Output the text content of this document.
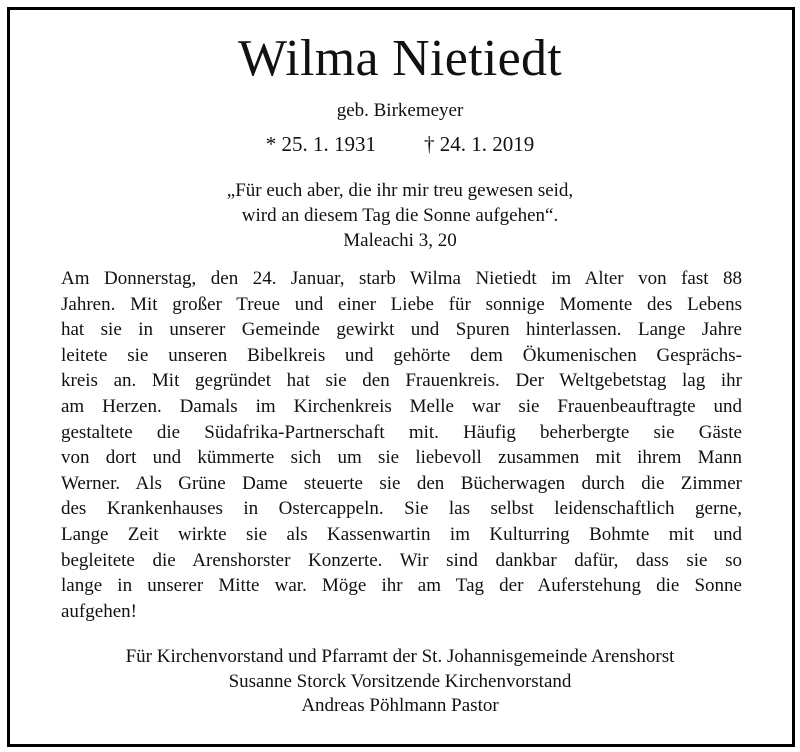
Wilma Nietiedt
geb. Birkemeyer
* 25. 1. 1931 † 24. 1. 2019
„Für euch aber, die ihr mir treu gewesen seid,
wird an diesem Tag die Sonne aufgehen“.
Maleachi 3, 20
Am Donnerstag, den 24. Januar, starb Wilma Nietiedt im Alter von fast 88
Jahren. Mit großer Treue und einer Liebe für sonnige Momente des Lebens
hat sie in unserer Gemeinde gewirkt und Spuren hinterlassen. Lange Jahre
leitete sie unseren Bibelkreis und gehörte dem Ökumenischen Gesprächs-
kreis an. Mit gegründet hat sie den Frauenkreis. Der Weltgebetstag lag ihr
am Herzen. Damals im Kirchenkreis Melle war sie Frauenbeauftragte und
gestaltete die Südafrika-Partnerschaft mit. Häufig beherbergte sie Gäste
von dort und kümmerte sich um sie liebevoll zusammen mit ihrem Mann
Werner. Als Grüne Dame steuerte sie den Bücherwagen durch die Zimmer
des Krankenhauses in Ostercappeln. Sie las selbst leidenschaftlich gerne,
Lange Zeit wirkte sie als Kassenwartin im Kulturring Bohmte mit und
begleitete die Arenshorster Konzerte. Wir sind dankbar dafür, dass sie so
lange in unserer Mitte war. Möge ihr am Tag der Auferstehung die Sonne
aufgehen!
Für Kirchenvorstand und Pfarramt der St. Johannisgemeinde Arenshorst
Susanne Storck Vorsitzende Kirchenvorstand
Andreas Pöhlmann Pastor
